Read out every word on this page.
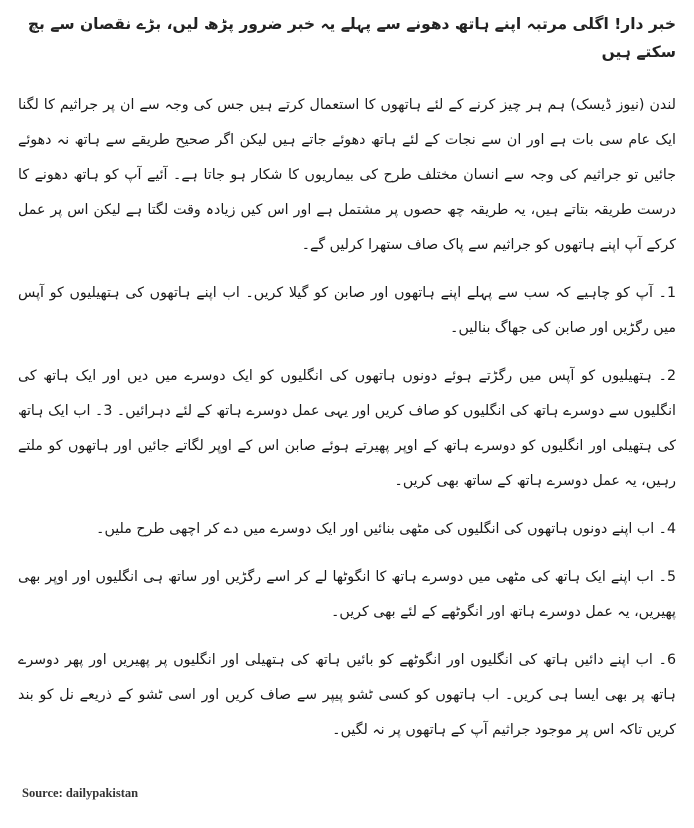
خبر دار! اگلی مرتبہ اپنے ہاتھ دھونے سے پہلے یہ خبر ضرور پڑھ لیں، بڑے نقصان سے بچ سکتے ہیں

لندن (نیوز ڈیسک) ہم ہر چیز کرنے کے لئے ہاتھوں کا استعمال کرتے ہیں جس کی وجہ سے ان پر جراثیم کا لگنا ایک عام سی بات ہے اور ان سے نجات کے لئے ہاتھ دھوئے جاتے ہیں لیکن اگر صحیح طریقے سے ہاتھ نہ دھوئے جائیں تو جراثیم کی وجہ سے انسان مختلف طرح کی بیماریوں کا شکار ہو جاتا ہے۔ آئیے آپ کو ہاتھ دھونے کا درست طریقہ بتاتے ہیں، یہ طریقہ چھ حصوں پر مشتمل ہے اور اس کیں زیادہ وقت لگتا ہے لیکن اس پر عمل کرکے آپ اپنے ہاتھوں کو جراثیم سے پاک صاف ستھرا کرلیں گے۔

1۔ آپ کو چاہیے کہ سب سے پہلے اپنے ہاتھوں اور صابن کو گیلا کریں۔ اب اپنے ہاتھوں کی ہتھیلیوں کو آپس میں رگڑیں اور صابن کی جھاگ بنالیں۔

2۔ ہتھیلیوں کو آپس میں رگڑتے ہوئے دونوں ہاتھوں کی انگلیوں کو ایک دوسرے میں دیں اور ایک ہاتھ کی انگلیوں سے دوسرے ہاتھ کی انگلیوں کو صاف کریں اور یہی عمل دوسرے ہاتھ کے لئے دہرائیں۔ 3۔ اب ایک ہاتھ کی ہتھیلی اور انگلیوں کو دوسرے ہاتھ کے اوپر پھیرتے ہوئے صابن اس کے اوپر لگاتے جائیں اور ہاتھوں کو ملتے رہیں، یہ عمل دوسرے ہاتھ کے ساتھ بھی کریں۔

4۔ اب اپنے دونوں ہاتھوں کی انگلیوں کی مٹھی بنائیں اور ایک دوسرے میں دے کر اچھی طرح ملیں۔

5۔ اب اپنے ایک ہاتھ کی مٹھی میں دوسرے ہاتھ کا انگوٹھا لے کر اسے رگڑیں اور ساتھ ہی انگلیوں اور اوپر بھی پھیریں، یہ عمل دوسرے ہاتھ اور انگوٹھے کے لئے بھی کریں۔

6۔ اب اپنے دائیں ہاتھ کی انگلیوں اور انگوٹھے کو بائیں ہاتھ کی ہتھیلی اور انگلیوں پر پھیریں اور پھر دوسرے ہاتھ پر بھی ایسا ہی کریں۔ اب ہاتھوں کو کسی ٹشو پیپر سے صاف کریں اور اسی ٹشو کے ذریعے نل کو بند کریں تاکہ اس پر موجود جراثیم آپ کے ہاتھوں پر نہ لگیں۔

Source: dailypakistan
